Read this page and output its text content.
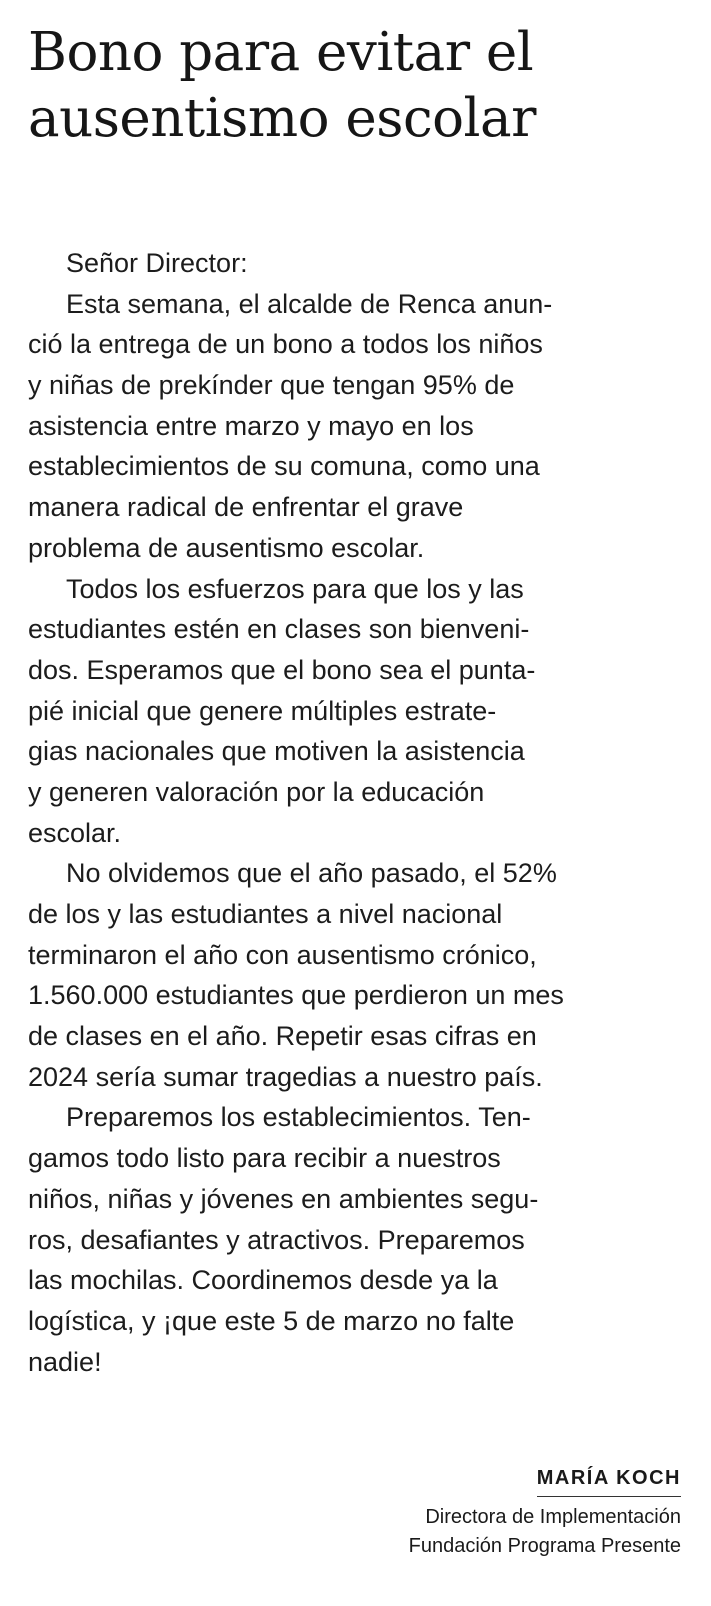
Bono para evitar el
ausentismo escolar
Señor Director:
Esta semana, el alcalde de Renca anun-
ció la entrega de un bono a todos los niños
y niñas de prekínder que tengan 95% de
asistencia entre marzo y mayo en los
establecimientos de su comuna, como una
manera radical de enfrentar el grave
problema de ausentismo escolar.
Todos los esfuerzos para que los y las
estudiantes estén en clases son bienveni-
dos. Esperamos que el bono sea el punta-
pié inicial que genere múltiples estrate-
gias nacionales que motiven la asistencia
y generen valoración por la educación
escolar.
No olvidemos que el año pasado, el 52%
de los y las estudiantes a nivel nacional
terminaron el año con ausentismo crónico,
1.560.000 estudiantes que perdieron un mes
de clases en el año. Repetir esas cifras en
2024 sería sumar tragedias a nuestro país.
Preparemos los establecimientos. Ten-
gamos todo listo para recibir a nuestros
niños, niñas y jóvenes en ambientes segu-
ros, desafiantes y atractivos. Preparemos
las mochilas. Coordinemos desde ya la
logística, y ¡que este 5 de marzo no falte
nadie!
MARÍA KOCH
Directora de Implementación
Fundación Programa Presente
